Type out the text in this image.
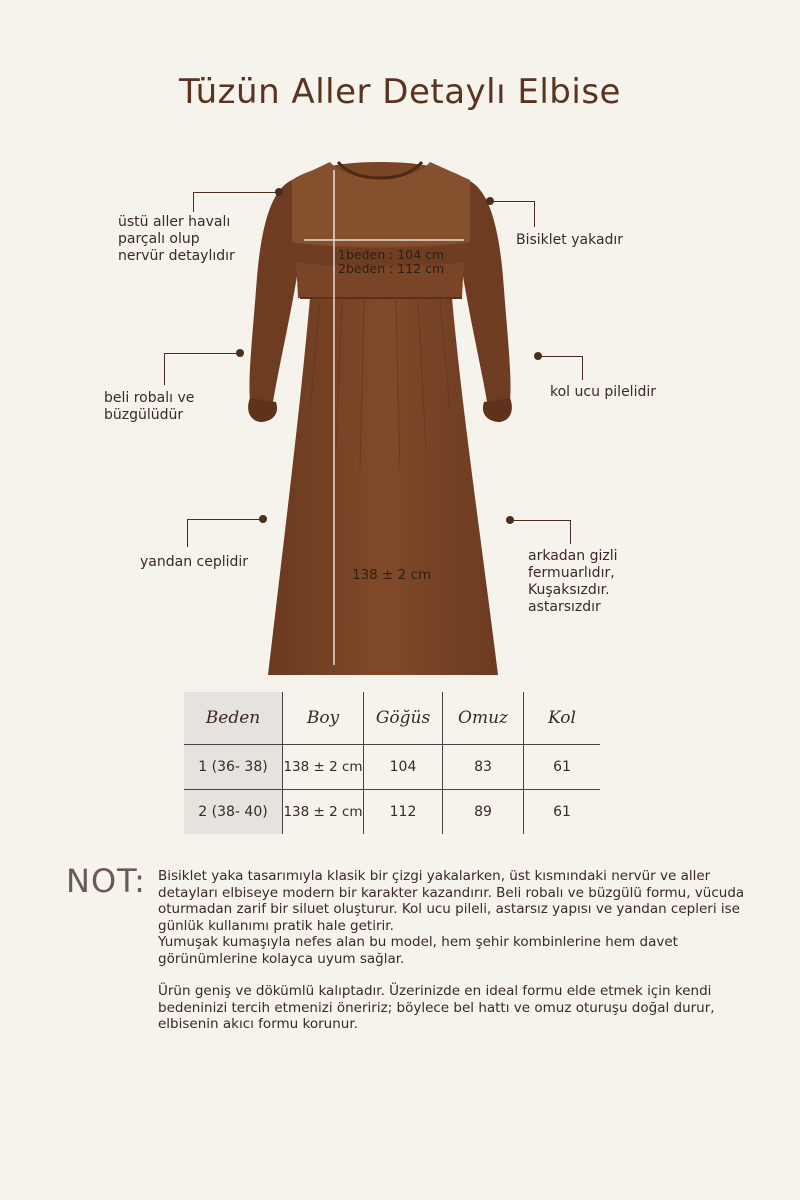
Tüzün Aller Detaylı Elbise
1beden : 104 cm
2beden : 112 cm
138 ± 2 cm
üstü aller havalı
parçalı olup
nervür detaylıdır
beli robalı ve
büzgülüdür
yandan ceplidir
Bisiklet yakadır
kol ucu pilelidir
arkadan gizli
fermuarlıdır,
Kuşaksızdır.
astarsızdır
Beden	Boy	Göğüs	Omuz	Kol
1 (36- 38)	138 ± 2 cm	104	83	61
2 (38- 40)	138 ± 2 cm	112	89	61
NOT: Bisiklet yaka tasarımıyla klasik bir çizgi yakalarken, üst kısmındaki nervür ve aller detayları elbiseye modern bir karakter kazandırır. Beli robalı ve büzgülü formu, vücuda oturmadan zarif bir siluet oluşturur. Kol ucu pileli, astarsız yapısı ve yandan cepleri ise günlük kullanımı pratik hale getirir.

Yumuşak kumaşıyla nefes alan bu model, hem şehir kombinlerine hem davet görünümlerine kolayca uyum sağlar.

Ürün geniş ve dökümlü kalıptadır. Üzerinizde en ideal formu elde etmek için kendi bedeninizi tercih etmenizi öneririz; böylece bel hattı ve omuz oturuşu doğal durur, elbisenin akıcı formu korunur.
